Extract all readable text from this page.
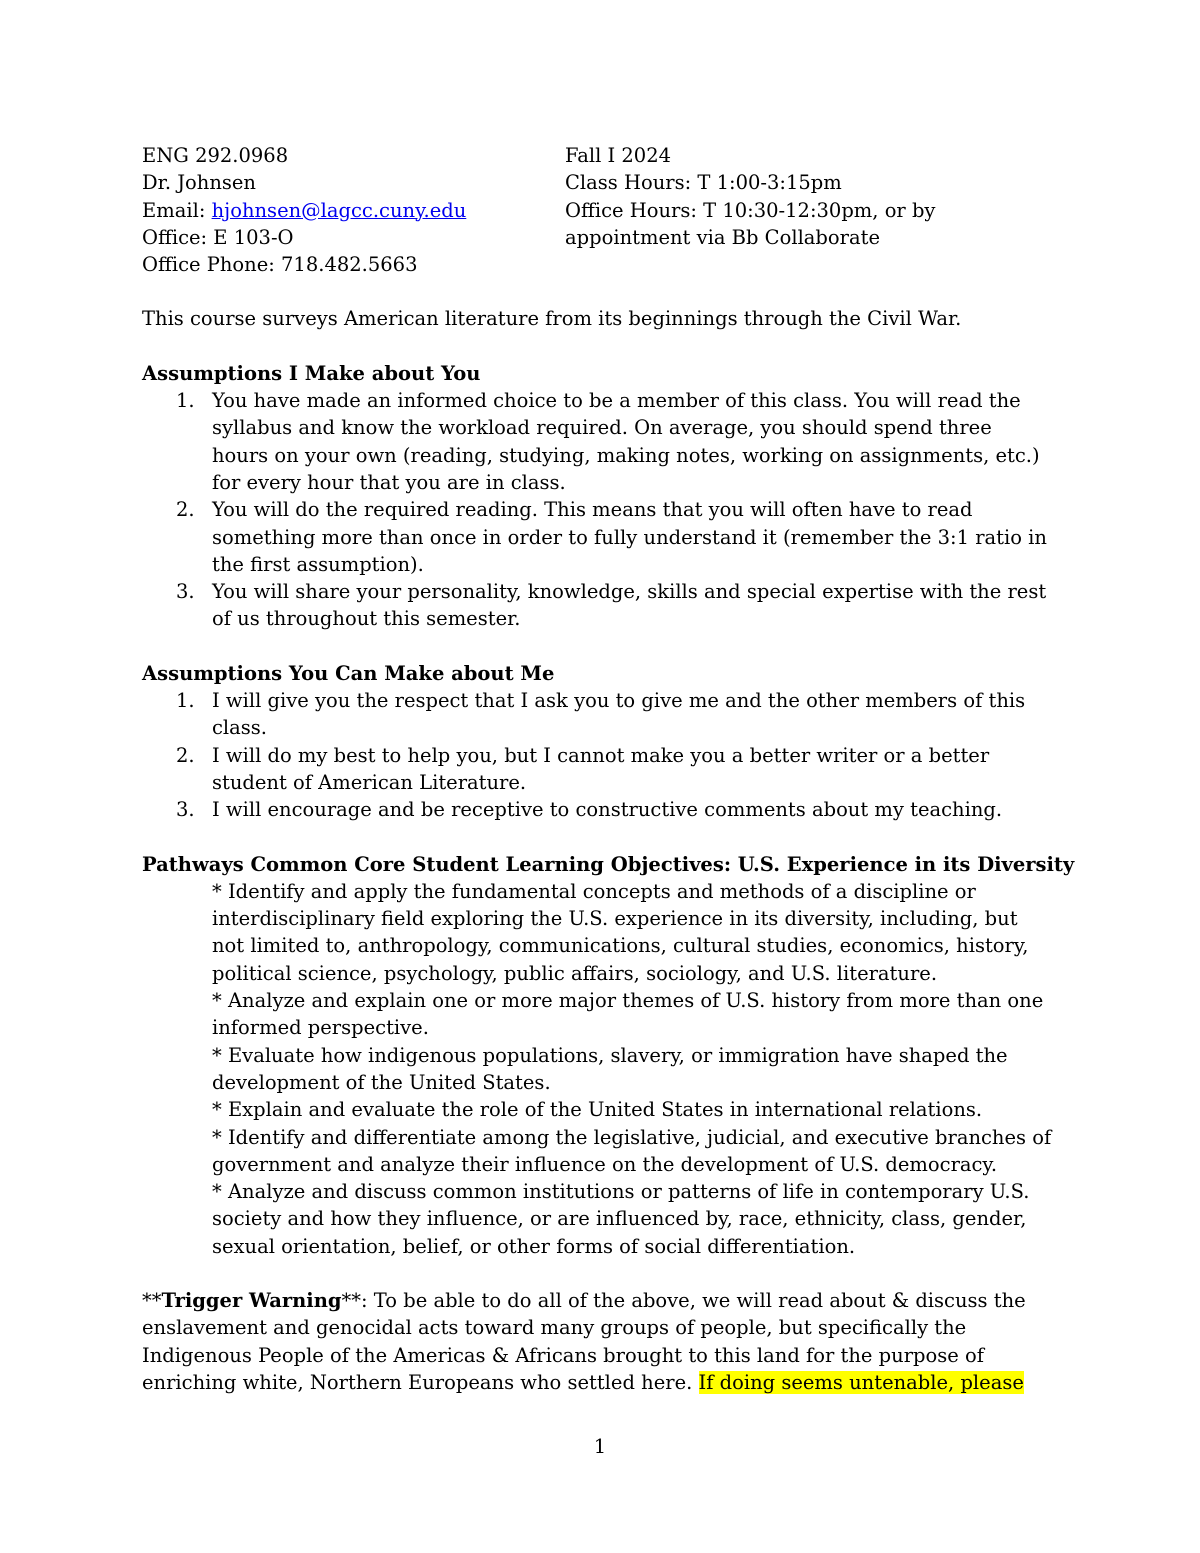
ENG 292.0968
Dr. Johnsen
Email: hjohnsen@lagcc.cuny.edu
Office: E 103-O
Office Phone: 718.482.5663
Fall I 2024
Class Hours: T 1:00-3:15pm
Office Hours: T 10:30-12:30pm, or by
appointment via Bb Collaborate
This course surveys American literature from its beginnings through the Civil War.
Assumptions I Make about You
1. You have made an informed choice to be a member of this class. You will read the
syllabus and know the workload required. On average, you should spend three
hours on your own (reading, studying, making notes, working on assignments, etc.)
for every hour that you are in class.
2. You will do the required reading. This means that you will often have to read
something more than once in order to fully understand it (remember the 3:1 ratio in
the first assumption).
3. You will share your personality, knowledge, skills and special expertise with the rest
of us throughout this semester.
Assumptions You Can Make about Me
1. I will give you the respect that I ask you to give me and the other members of this
class.
2. I will do my best to help you, but I cannot make you a better writer or a better
student of American Literature.
3. I will encourage and be receptive to constructive comments about my teaching.
Pathways Common Core Student Learning Objectives: U.S. Experience in its Diversity
* Identify and apply the fundamental concepts and methods of a discipline or
interdisciplinary field exploring the U.S. experience in its diversity, including, but
not limited to, anthropology, communications, cultural studies, economics, history,
political science, psychology, public affairs, sociology, and U.S. literature.
* Analyze and explain one or more major themes of U.S. history from more than one
informed perspective.
* Evaluate how indigenous populations, slavery, or immigration have shaped the
development of the United States.
* Explain and evaluate the role of the United States in international relations.
* Identify and differentiate among the legislative, judicial, and executive branches of
government and analyze their influence on the development of U.S. democracy.
* Analyze and discuss common institutions or patterns of life in contemporary U.S.
society and how they influence, or are influenced by, race, ethnicity, class, gender,
sexual orientation, belief, or other forms of social differentiation.
**Trigger Warning**: To be able to do all of the above, we will read about & discuss the
enslavement and genocidal acts toward many groups of people, but specifically the
Indigenous People of the Americas & Africans brought to this land for the purpose of
enriching white, Northern Europeans who settled here. If doing seems untenable, please
1
